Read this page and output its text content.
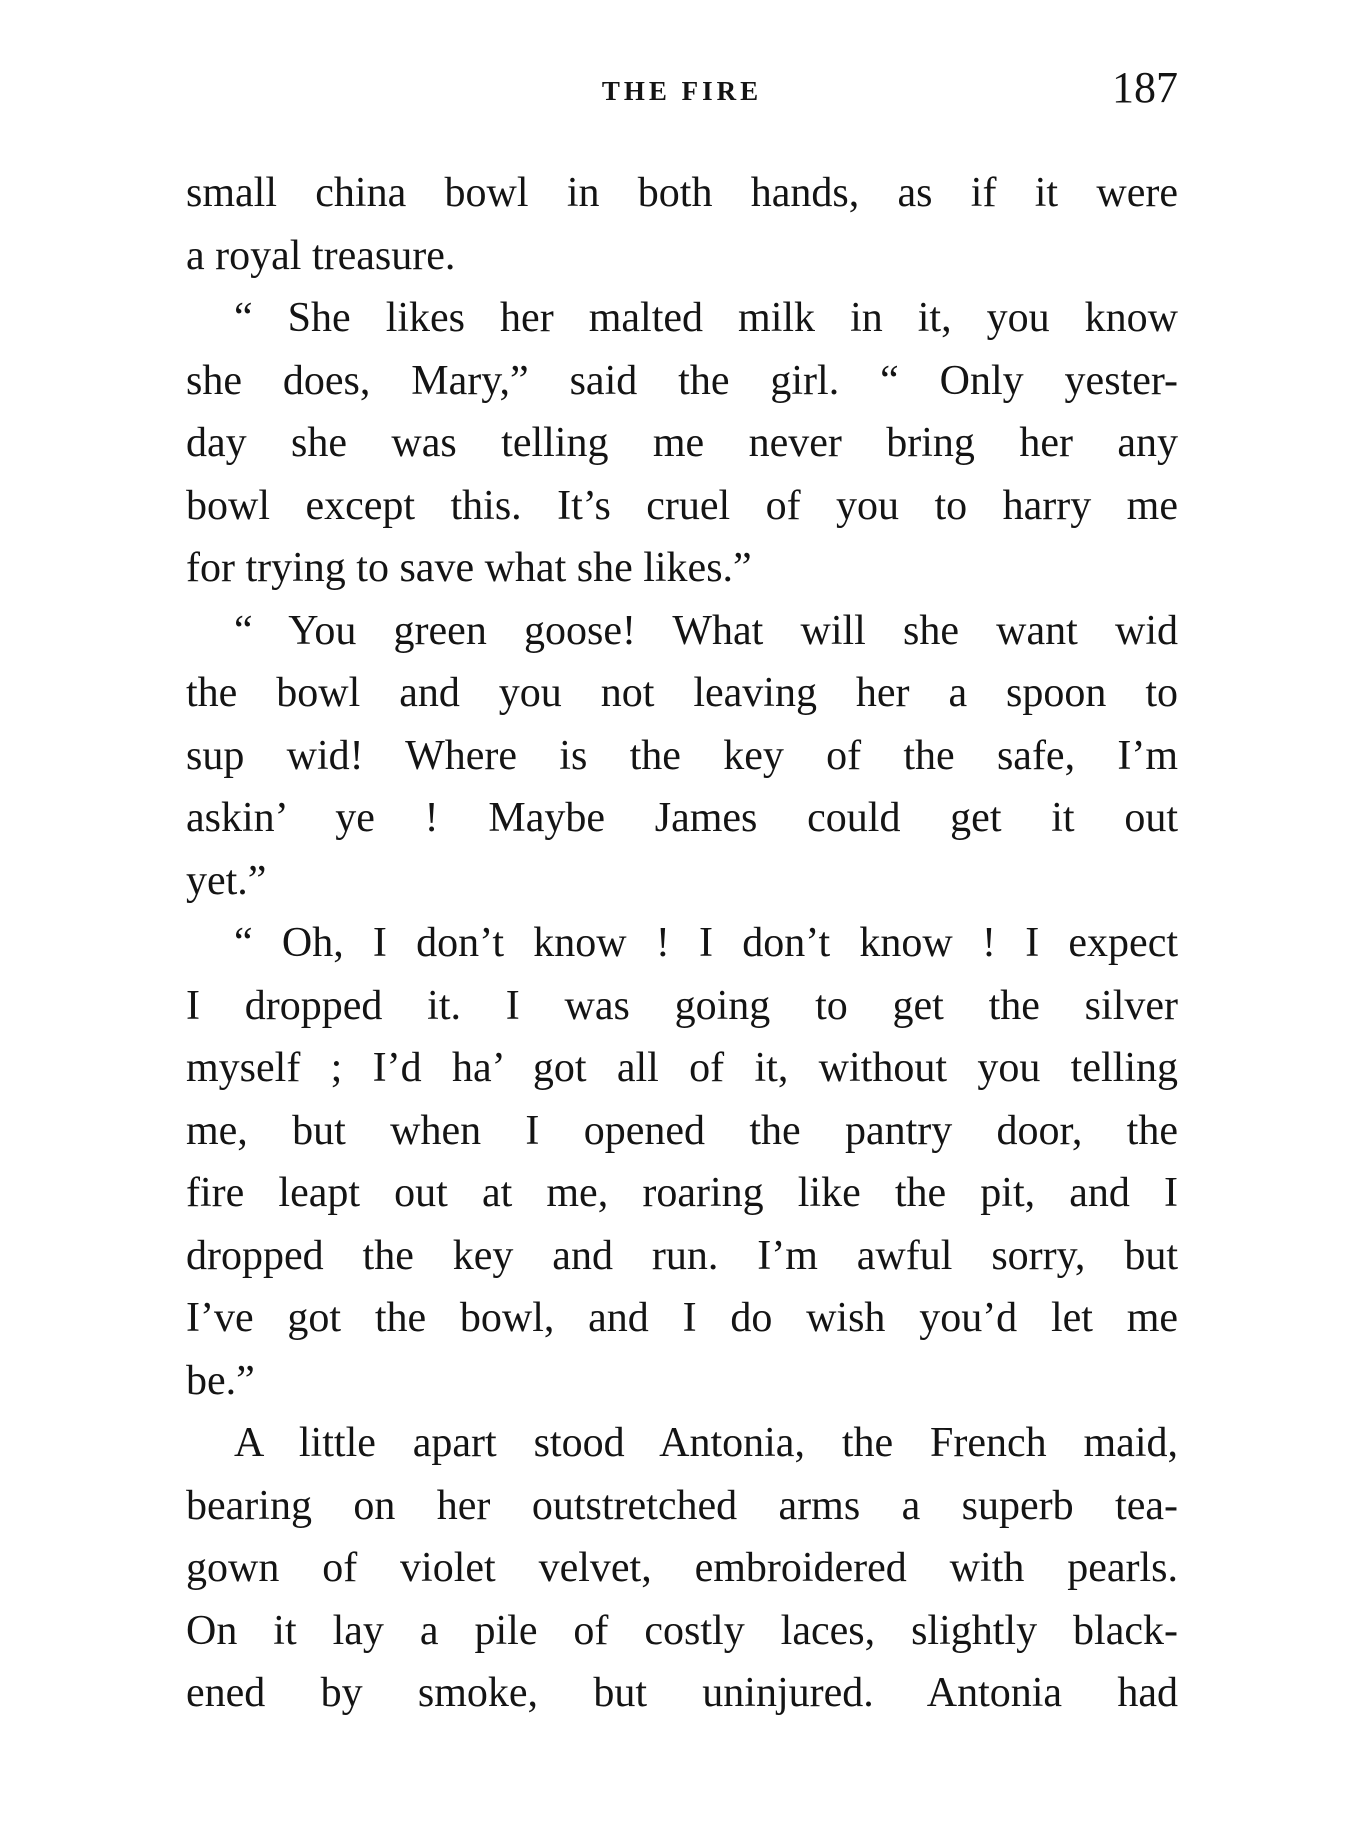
THE FIRE	187
small china bowl in both hands, as if it were
a royal treasure.
“ She likes her malted milk in it, you know
she does, Mary,” said the girl. “ Only yester-
day she was telling me never bring her any
bowl except this. It’s cruel of you to harry me
for trying to save what she likes.”
“ You green goose! What will she want wid
the bowl and you not leaving her a spoon to
sup wid! Where is the key of the safe, I’m
askin’ ye ! Maybe James could get it out
yet.”
“ Oh, I don’t know ! I don’t know ! I expect
I dropped it. I was going to get the silver
myself ; I’d ha’ got all of it, without you telling
me, but when I opened the pantry door, the
fire leapt out at me, roaring like the pit, and I
dropped the key and run. I’m awful sorry, but
I’ve got the bowl, and I do wish you’d let me
be.”
A little apart stood Antonia, the French maid,
bearing on her outstretched arms a superb tea-
gown of violet velvet, embroidered with pearls.
On it lay a pile of costly laces, slightly black-
ened by smoke, but uninjured. Antonia had
